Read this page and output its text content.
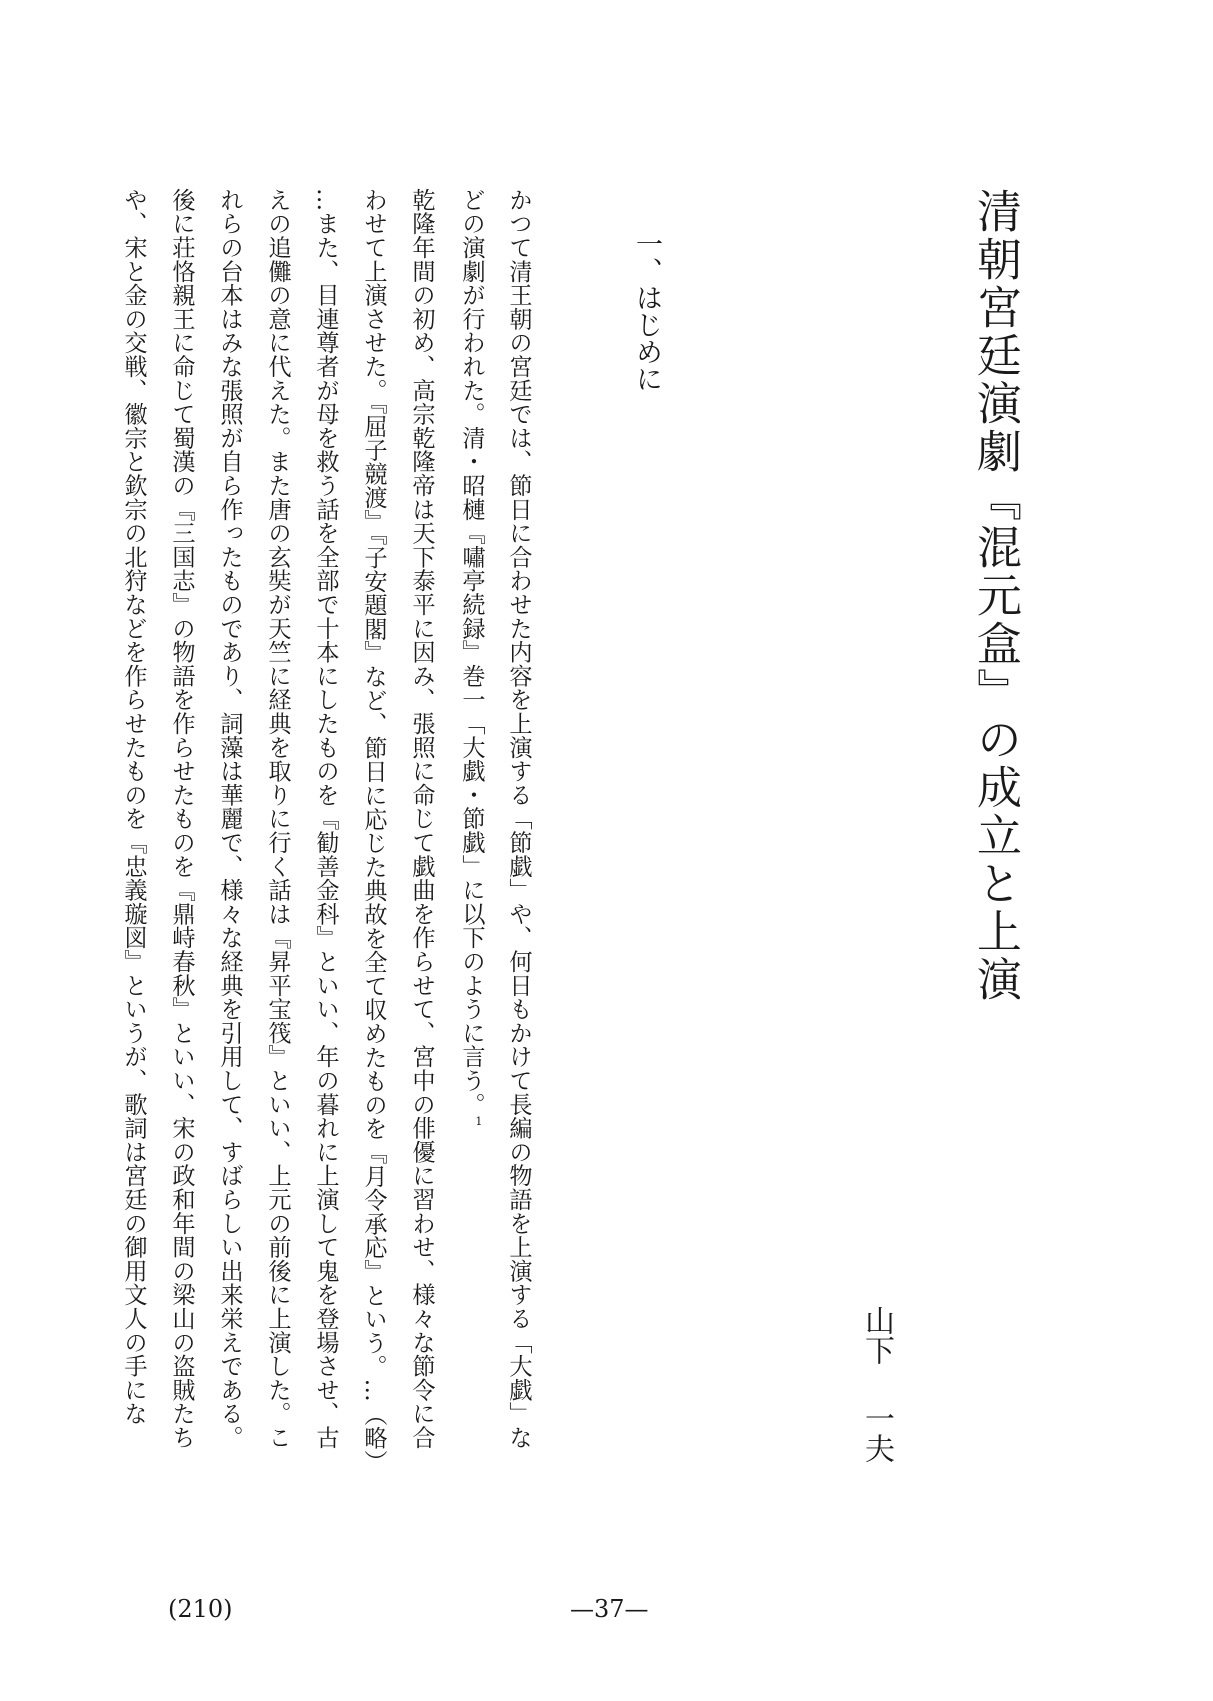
清朝宮廷演劇『混元盒』の成立と上演
山下一夫
一、はじめに
かつて清王朝の宮廷では、節日に合わせた内容を上演する「節戯」や、何日もかけて長編の物語を上演する「大戯」な
どの演劇が行われた。清・昭槤『嘯亭続録』巻一「大戯・節戯」に以下のように言う。1
乾隆年間の初め、高宗乾隆帝は天下泰平に因み、張照に命じて戯曲を作らせて、宮中の俳優に習わせ、様々な節令に合
わせて上演させた。『屈子競渡』『子安題閣』など、節日に応じた典故を全て収めたものを『月令承応』という。…（略）
…また、目連尊者が母を救う話を全部で十本にしたものを『勧善金科』といい、年の暮れに上演して鬼を登場させ、古
えの追儺の意に代えた。また唐の玄奘が天竺に経典を取りに行く話は『昇平宝筏』といい、上元の前後に上演した。こ
れらの台本はみな張照が自ら作ったものであり、詞藻は華麗で、様々な経典を引用して、すばらしい出来栄えである。
後に荘恪親王に命じて蜀漢の『三国志』の物語を作らせたものを『鼎峙春秋』といい、宋の政和年間の梁山の盗賊たち
や、宋と金の交戦、徽宗と欽宗の北狩などを作らせたものを『忠義璇図』というが、歌詞は宮廷の御用文人の手にな
(210)	—37—
